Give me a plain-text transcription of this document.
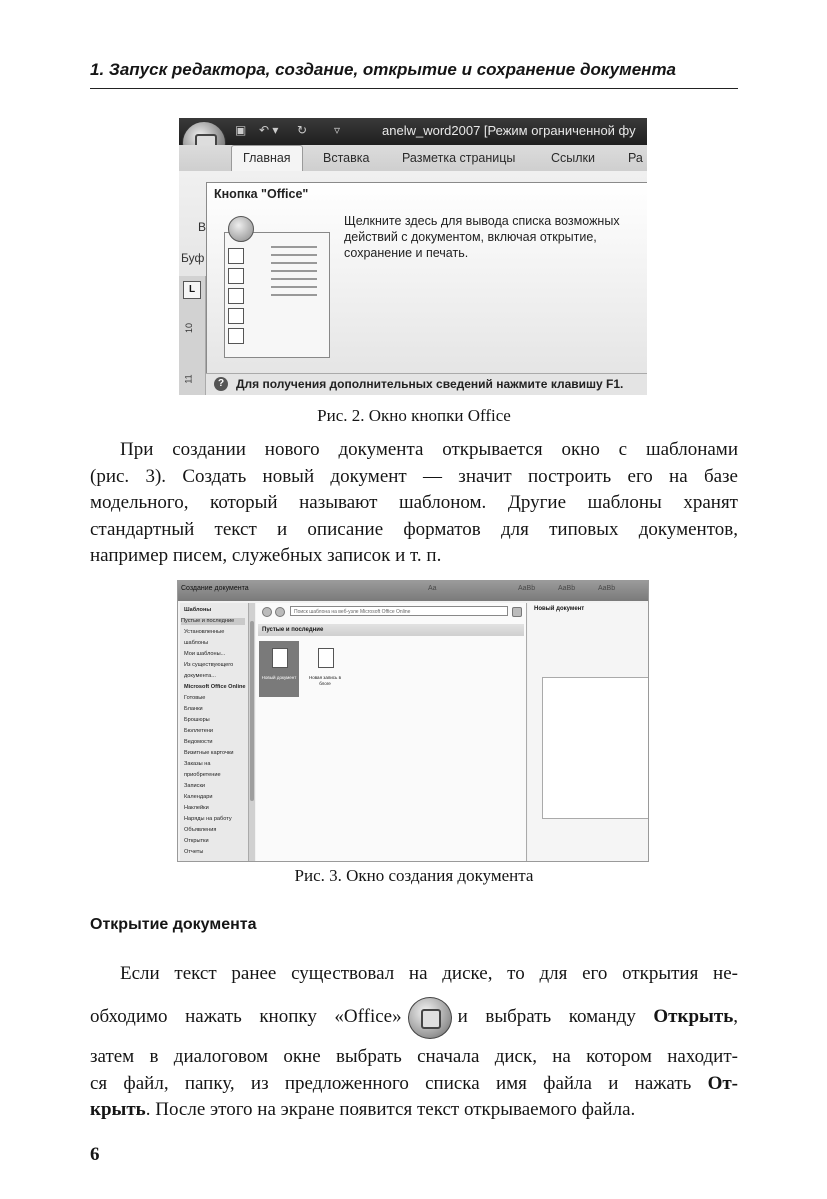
1. Запуск редактора, создание, открытие и сохранение документа
▣ ↶ ▾ ↻ ▿	anelw_word2007 [Режим ограниченной фу
Главная	Вставка	Разметка страницы	Ссылки	Ра
В
Буф
L
10
11
Кнопка "Office"
Щелкните здесь для вывода списка возможных действий с документом, включая открытие, сохранение и печать.
? Для получения дополнительных сведений нажмите клавишу F1.
Рис. 2. Окно кнопки Office
При создании нового документа открывается окно с шаблонами
(рис. 3). Создать новый документ — значит построить его на базе
модельного, который называют шаблоном. Другие шаблоны хранят
стандартный текст и описание форматов для типовых документов,
например писем, служебных записок и т. п.
Создание документа	Aa	AaBb	AaBb	AaBb
Шаблоны
Пустые и последние
Установленные
шаблоны
Мои шаблоны...
Из существующего
документа...
Microsoft Office Online
Готовые
Бланки
Брошюры
Бюллетени
Ведомости
Визитные карточки
Заказы на
приобретение
Записки
Календари
Наклейки
Наряды на работу
Объявления
Открытки
Отчеты
Поиск шаблона на веб-узле Microsoft Office Online
Пустые и последние
Новый документ	Новая запись в блоге
Новый документ
Рис. 3. Окно создания документа
Открытие документа
Если текст ранее существовал на диске, то для его открытия не-
обходимо нажать кнопку «Office»	и выбрать команду Открыть,
затем в диалоговом окне выбрать сначала диск, на котором находит-
ся файл, папку, из предложенного списка имя файла и нажать От-
крыть. После этого на экране появится текст открываемого файла.
6
